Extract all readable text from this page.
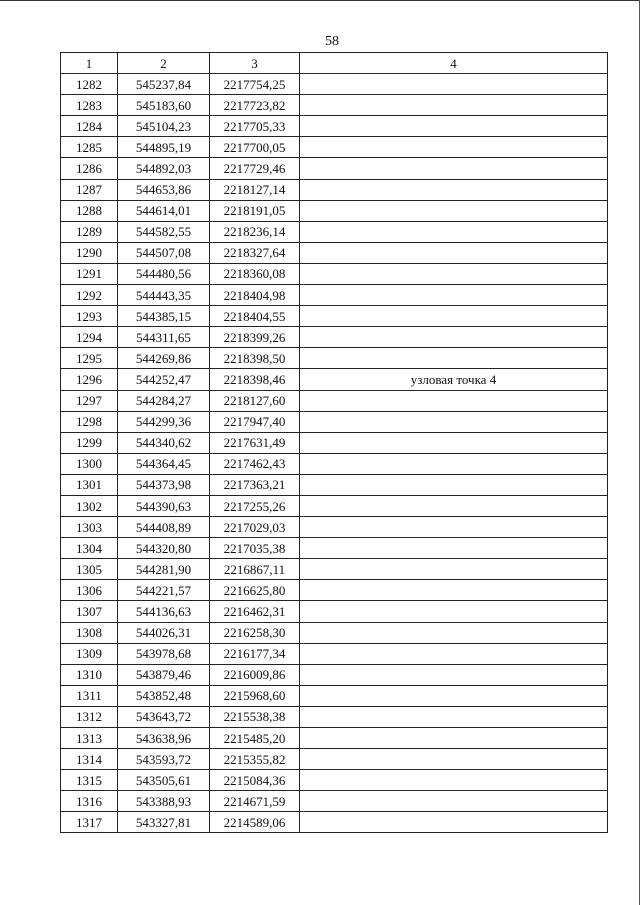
58
1	2	3	4
1282	545237,84	2217754,25	
1283	545183,60	2217723,82	
1284	545104,23	2217705,33	
1285	544895,19	2217700,05	
1286	544892,03	2217729,46	
1287	544653,86	2218127,14	
1288	544614,01	2218191,05	
1289	544582,55	2218236,14	
1290	544507,08	2218327,64	
1291	544480,56	2218360,08	
1292	544443,35	2218404,98	
1293	544385,15	2218404,55	
1294	544311,65	2218399,26	
1295	544269,86	2218398,50	
1296	544252,47	2218398,46	узловая точка 4
1297	544284,27	2218127,60	
1298	544299,36	2217947,40	
1299	544340,62	2217631,49	
1300	544364,45	2217462,43	
1301	544373,98	2217363,21	
1302	544390,63	2217255,26	
1303	544408,89	2217029,03	
1304	544320,80	2217035,38	
1305	544281,90	2216867,11	
1306	544221,57	2216625,80	
1307	544136,63	2216462,31	
1308	544026,31	2216258,30	
1309	543978,68	2216177,34	
1310	543879,46	2216009,86	
1311	543852,48	2215968,60	
1312	543643,72	2215538,38	
1313	543638,96	2215485,20	
1314	543593,72	2215355,82	
1315	543505,61	2215084,36	
1316	543388,93	2214671,59	
1317	543327,81	2214589,06	
